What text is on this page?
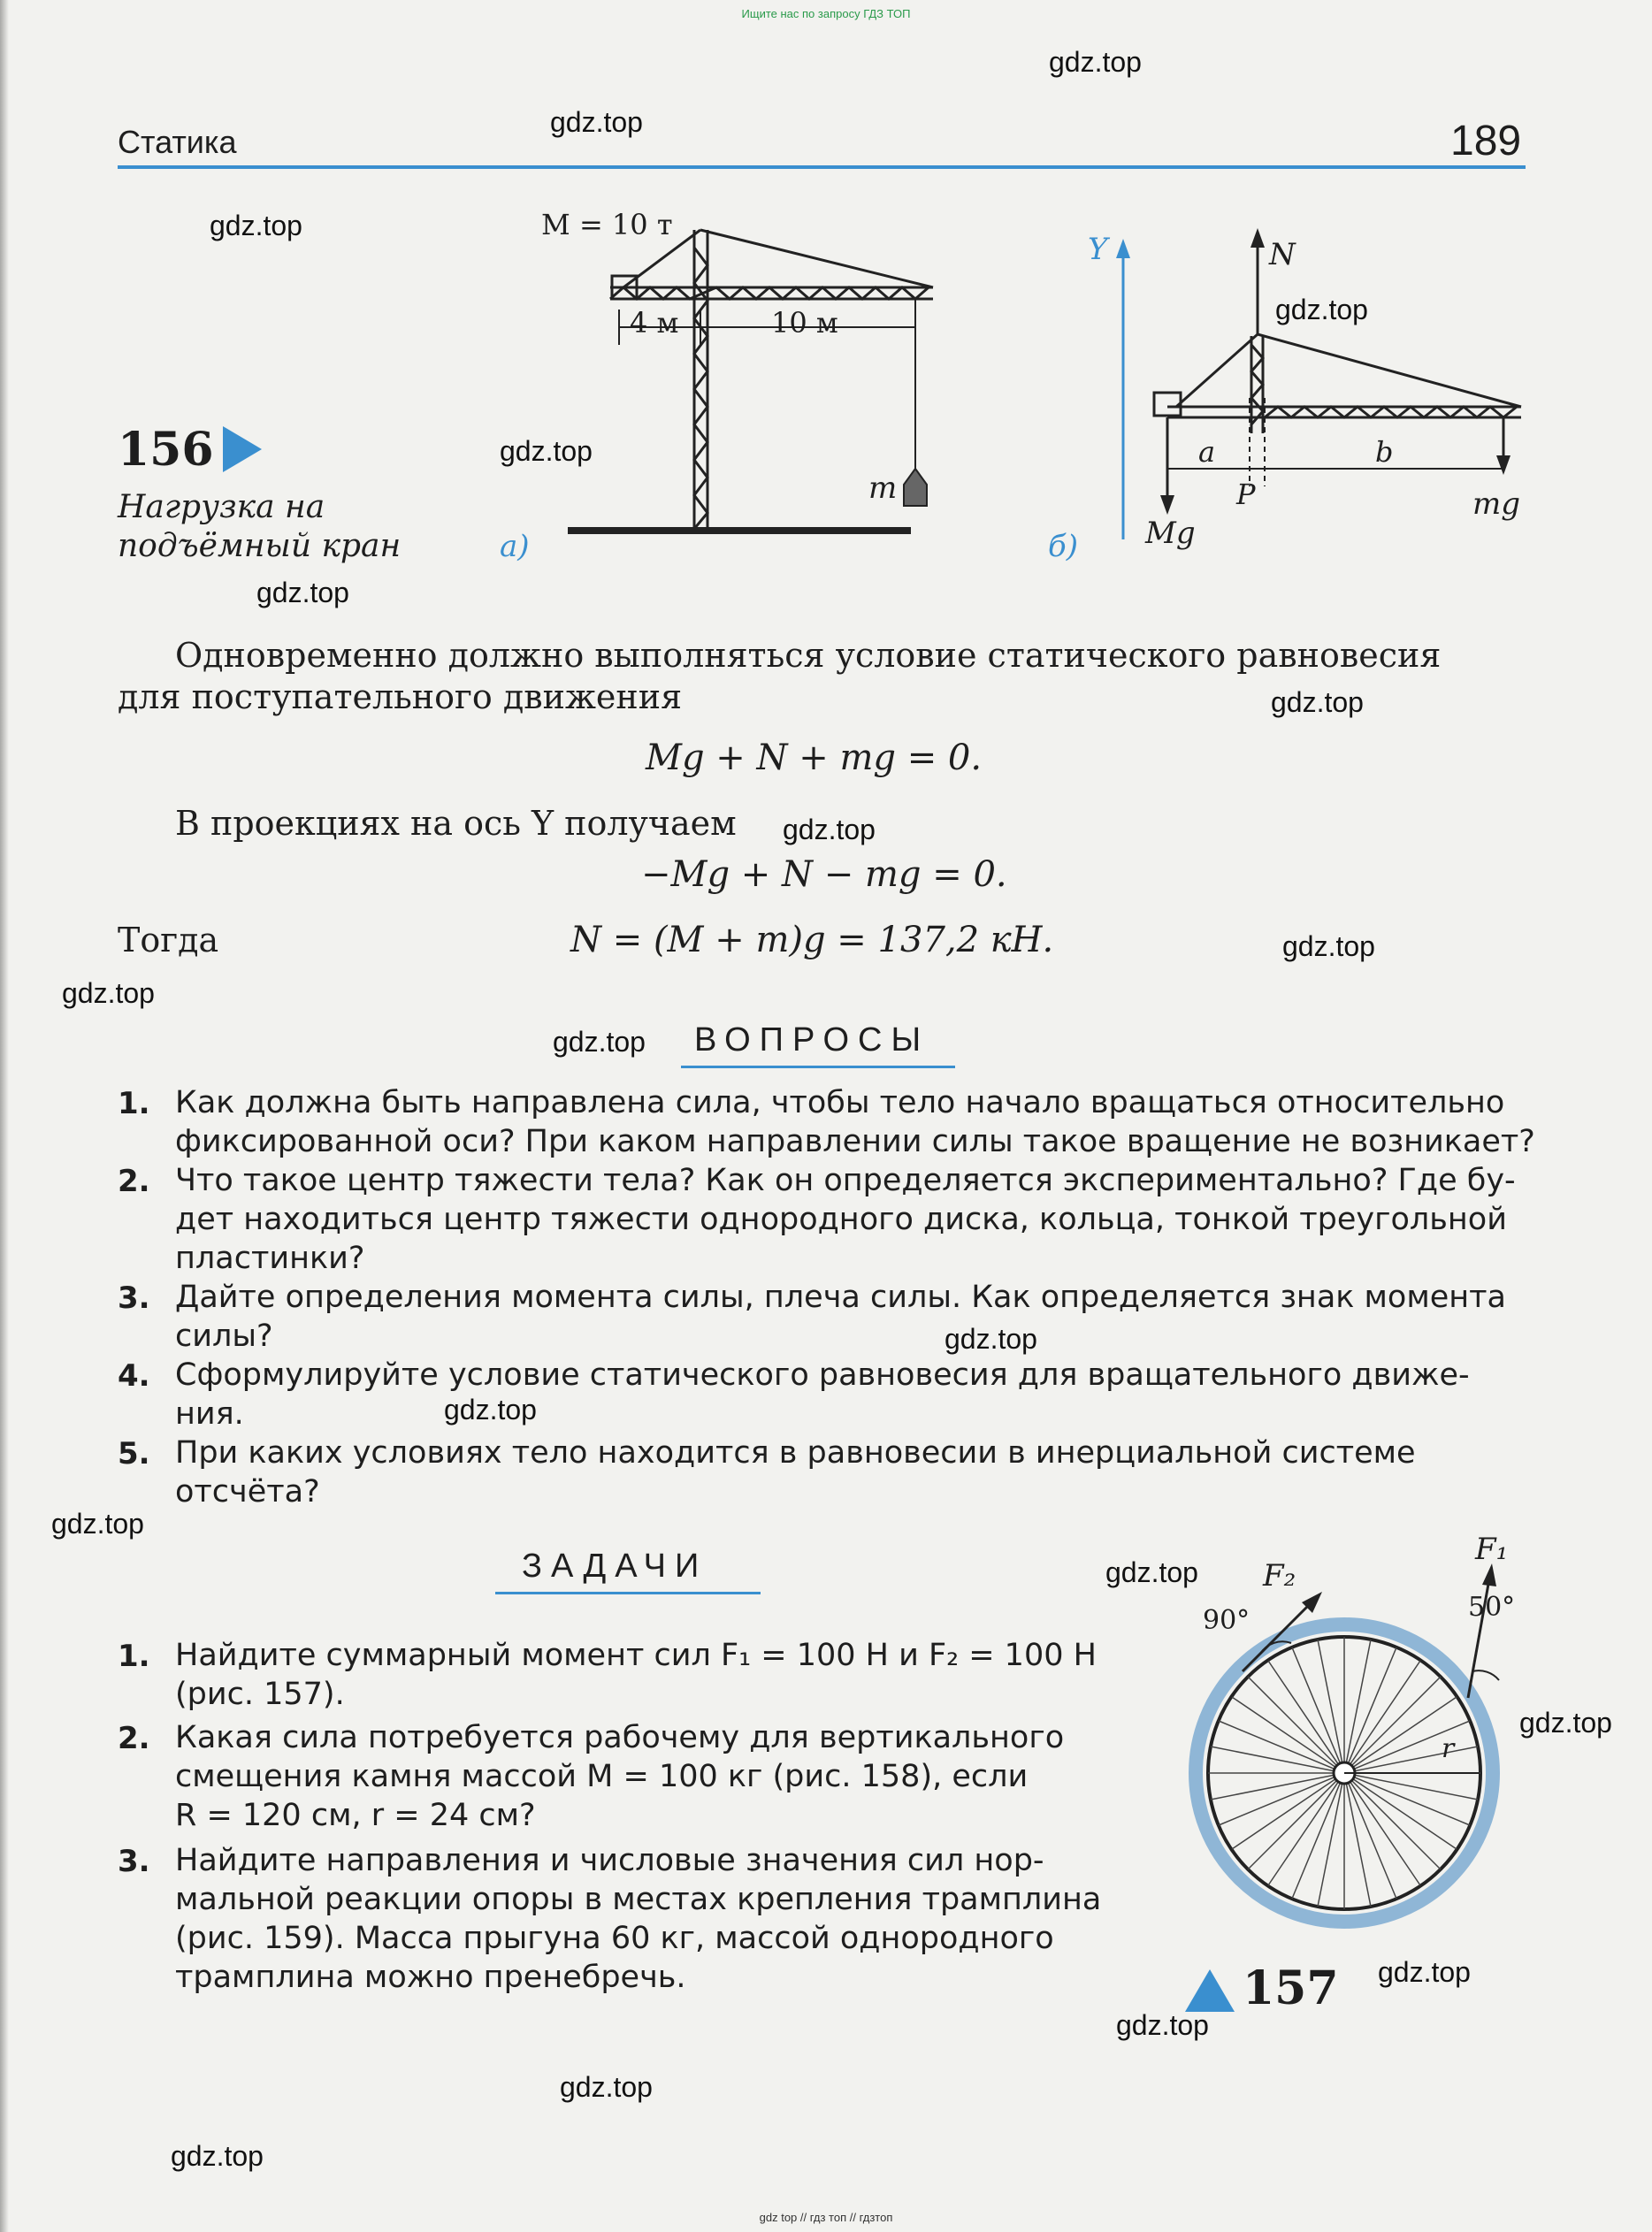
Ищите нас по запросу ГДЗ ТОП
Статика	189
156
Нагрузка на
подъёмный кран
M = 10 т
4 м	10 м
m
а)
Y	N
a	b
P
Mg
mg
б)
Одновременно должно выполняться условие статического равновесия
для поступательного движения
Mg + N + mg = 0.
В проекциях на ось Y получаем
−Mg + N − mg = 0.
Тогда	N = (M + m)g = 137,2 кН.
ВОПРОСЫ
1. Как должна быть направлена сила, чтобы тело начало вращаться относительно
фиксированной оси? При каком направлении силы такое вращение не возникает?
2. Что такое центр тяжести тела? Как он определяется экспериментально? Где бу-
дет находиться центр тяжести однородного диска, кольца, тонкой треугольной
пластинки?
3. Дайте определения момента силы, плеча силы. Как определяется знак момента
силы?
4. Сформулируйте условие статического равновесия для вращательного движе-
ния.
5. При каких условиях тело находится в равновесии в инерциальной системе
отсчёта?
ЗАДАЧИ
1. Найдите суммарный момент сил F₁ = 100 Н и F₂ = 100 Н
(рис. 157).
2. Какая сила потребуется рабочему для вертикального
смещения камня массой M = 100 кг (рис. 158), если
R = 120 см, r = 24 см?
3. Найдите направления и числовые значения сил нор-
мальной реакции опоры в местах крепления трамплина
(рис. 159). Масса прыгуна 60 кг, массой однородного
трамплина можно пренебречь.
F₁
F₂
90°	50°
r
157
gdz.top
gdz.top
gdz.top
gdz.top
gdz.top
gdz.top
gdz.top
gdz.top
gdz.top
gdz.top
gdz.top
gdz.top
gdz.top
gdz.top
gdz.top
gdz.top
gdz.top
gdz.top
gdz.top
gdz.top
gdz top // гдз топ // гдзтоп
